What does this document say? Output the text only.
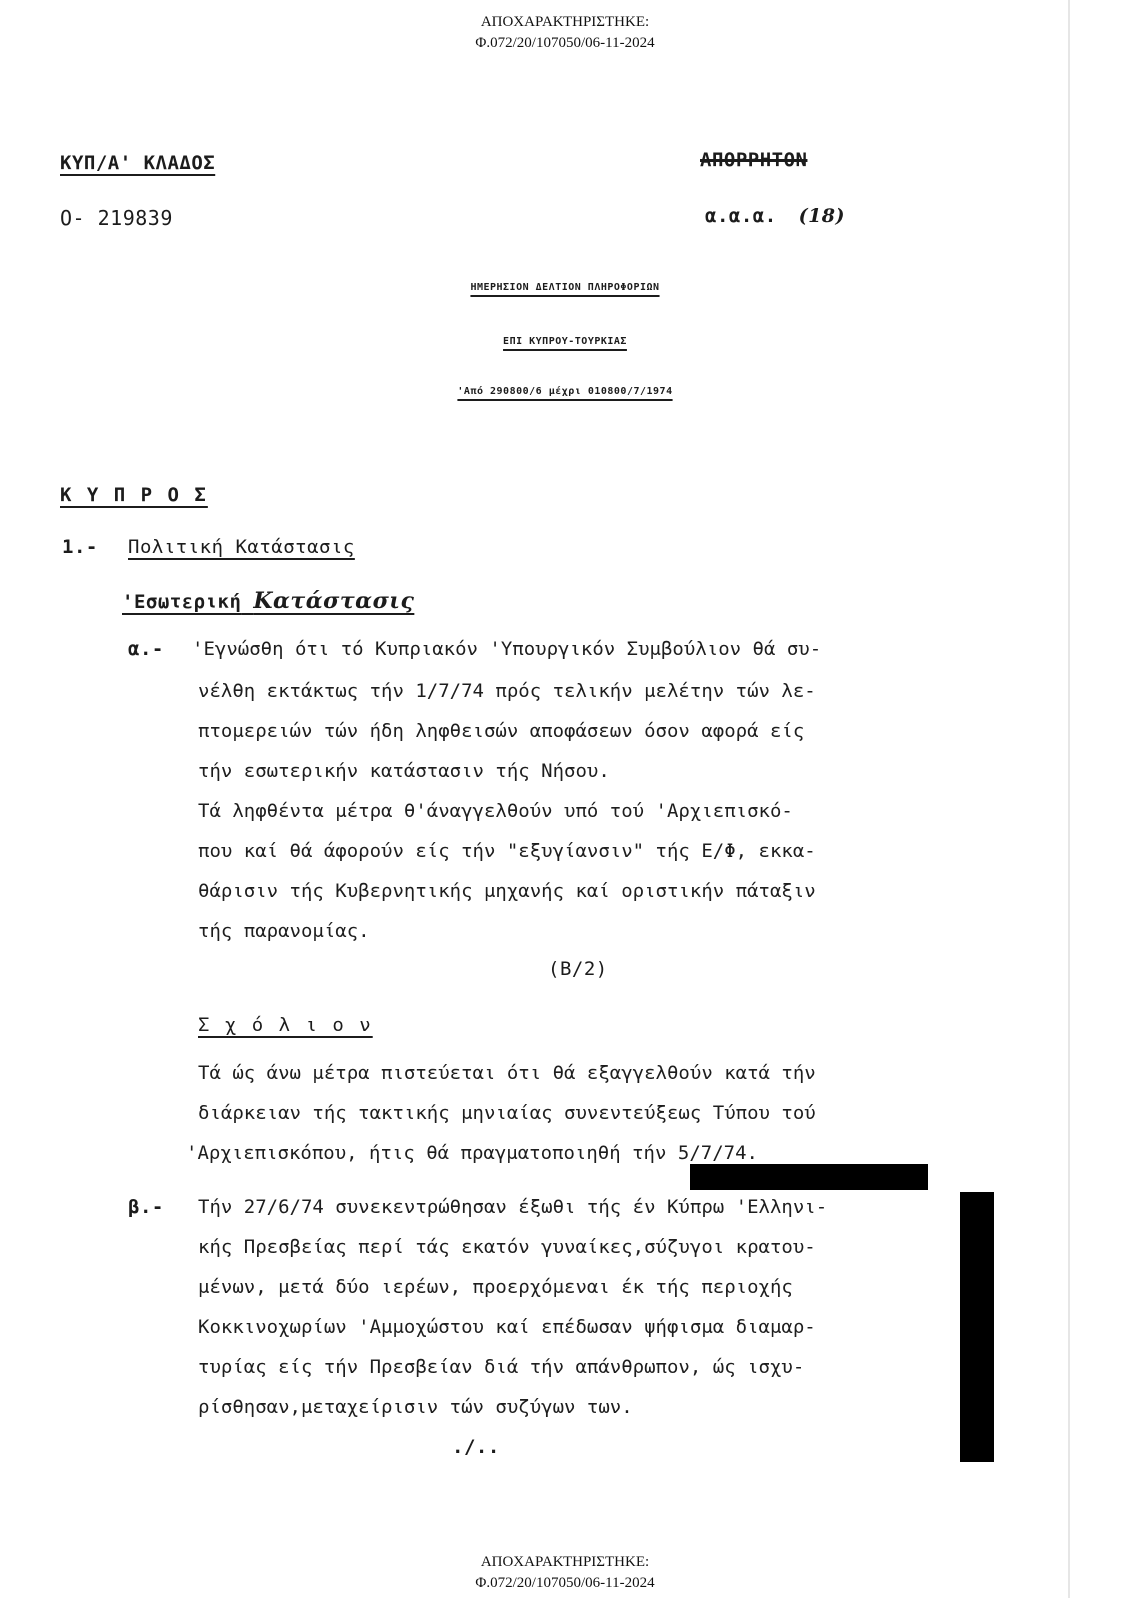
ΑΠΟΧΑΡΑΚΤΗΡΙΣΤΗΚΕ:
Φ.072/20/107050/06-11-2024
ΚΥΠ/Α' ΚΛΑΔΟΣ
Ο- 219839
ΑΠΟΡΡΗΤΟΝ
α.α.α. (18)
ΗΜΕΡΗΣΙΟΝ ΔΕΛΤΙΟΝ ΠΛΗΡΟΦΟΡΙΩΝ
ΕΠΙ ΚΥΠΡΟΥ-ΤΟΥΡΚΙΑΣ
'Από 290800/6 μέχρι 010800/7/1974
Κ Υ Π Ρ Ο Σ
1.- Πολιτική Κατάστασις
'Εσωτερική Κατάστασις
α.- 'Εγνώσθη ότι τό Κυπριακόν 'Υπουργικόν Συμβούλιον θά συ-
νέλθη εκτάκτως τήν 1/7/74 πρός τελικήν μελέτην τών λε-
πτομερειών τών ήδη ληφθεισών αποφάσεων όσον αφορά είς
τήν εσωτερικήν κατάστασιν τής Νήσου.
Τά ληφθέντα μέτρα θ'άναγγελθούν υπό τού 'Αρχιεπισκό-
που καί θά άφορούν είς τήν "εξυγίανσιν" τής Ε/Φ, εκκα-
θάρισιν τής Κυβερνητικής μηχανής καί οριστικήν πάταξιν
τής παρανομίας.
(Β/2)
Σ χ ό λ ι ο ν
Τά ώς άνω μέτρα πιστεύεται ότι θά εξαγγελθούν κατά τήν
διάρκειαν τής τακτικής μηνιαίας συνεντεύξεως Τύπου τού
'Αρχιεπισκόπου, ήτις θά πραγματοποιηθή τήν 5/7/74.
β.- Τήν 27/6/74 συνεκεντρώθησαν έξωθι τής έν Κύπρω 'Ελληνι-
κής Πρεσβείας περί τάς εκατόν γυναίκες,σύζυγοι κρατου-
μένων, μετά δύο ιερέων, προερχόμεναι έκ τής περιοχής
Κοκκινοχωρίων 'Αμμοχώστου καί επέδωσαν ψήφισμα διαμαρ-
τυρίας είς τήν Πρεσβείαν διά τήν απάνθρωπον, ώς ισχυ-
ρίσθησαν,μεταχείρισιν τών συζύγων των.
./..
ΑΠΟΧΑΡΑΚΤΗΡΙΣΤΗΚΕ:
Φ.072/20/107050/06-11-2024
